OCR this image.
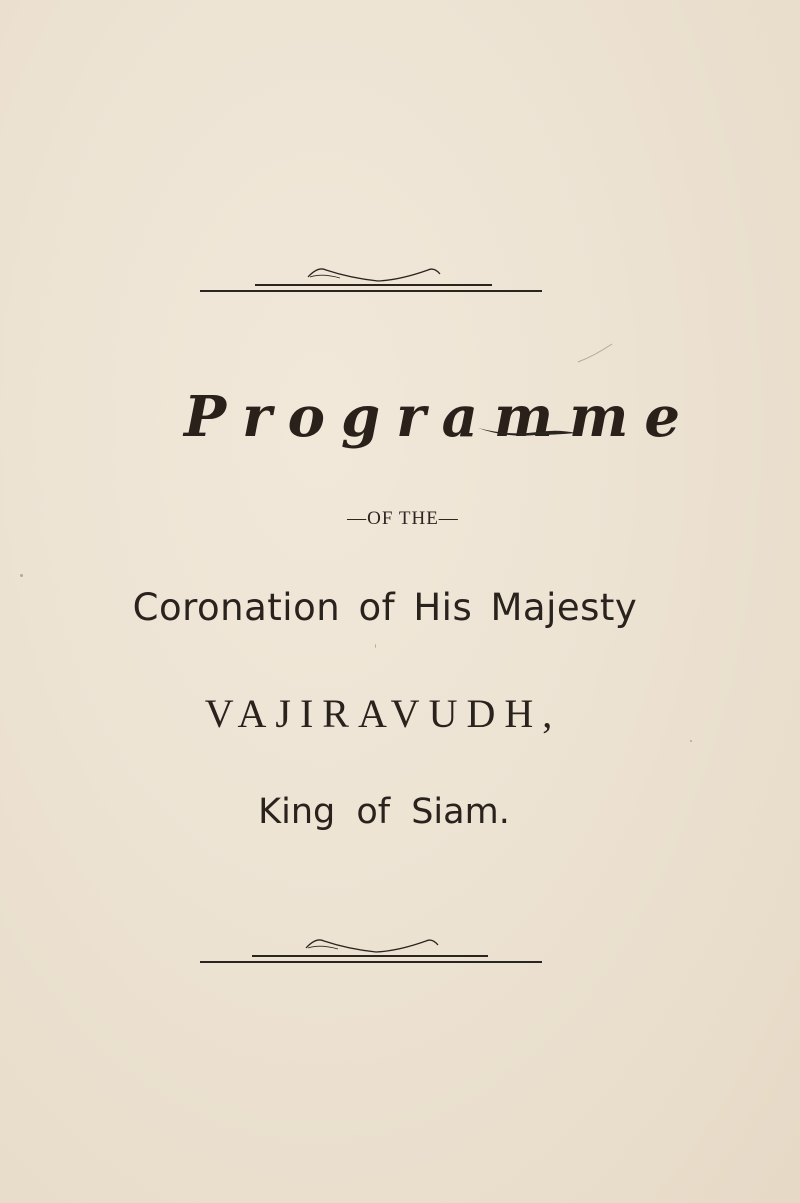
Programme
—OF THE—
Coronation of His Majesty
VAJIRAVUDH,
King of Siam.
